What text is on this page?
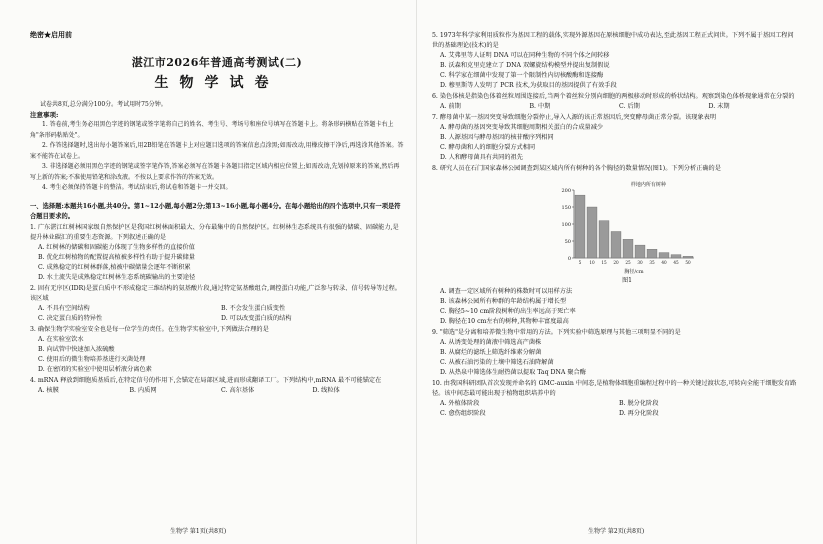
绝密★启用前
湛江市2026年普通高考测试(二)
生物学试卷
试卷共8页,总分满分100分。考试用时75分钟。
注意事项:
1. 答卷前,考生务必用黑色字迹的钢笔或签字笔将自己的姓名、考生号、考场号和座位号填写在答题卡上。将条形码横贴在答题卡右上角"条形码粘贴处"。
2. 作答选择题时,选出每小题答案后,用2B铅笔在答题卡上对应题目选项的答案信息点涂黑;如需改动,用橡皮擦干净后,再选涂其他答案。答案不能答在试卷上。
3. 非选择题必须用黑色字迹的钢笔或签字笔作答,答案必须写在答题卡各题目指定区域内相应位置上;如需改动,先划掉原来的答案,然后再写上新的答案;不准使用铅笔和涂改液。不按以上要求作答的答案无效。
4. 考生必须保持答题卡的整洁。考试结束后,将试卷和答题卡一并交回。
一、选择题:本题共16小题,共40分。第1~12小题,每小题2分;第13~16小题,每小题4分。在每小题给出的四个选项中,只有一项是符合题目要求的。
1. 广东湛江红树林国家级自然保护区是我国红树林面积最大、分布最集中的自然保护区。红树林生态系统具有很强的储碳、固碳能力,是提升林业碳汇的重要生态资源。下列叙述正确的是
A. 红树林的储碳和固碳能力体现了生物多样性的直接价值
B. 优化红树植物的配置提高植被多样性有助于提升碳储量
C. 成熟稳定的红树林群落,植被中碳储量会逐年不断积累
D. 水土流失是成熟稳定红树林生态系统碳输出的主要途径
2. 固有无序区(IDR)是蛋白质中不形成稳定三维结构的氨基酸片段,通过特定氨基酸组合,调控蛋白功能,广泛参与转录、信号转导等过程。该区域
A. 不具有空间结构	B. 不会发生蛋白质变性
C. 决定蛋白质的特异性	D. 可以改变蛋白质的结构
3. 确保生物学实验室安全也是每一位学生的责任。在生物学实验室中,下列做法合理的是
A. 在实验室饮水
B. 向试管中快速加入浓硫酸
C. 使用后的微生物培养基进行灭菌处理
D. 在密闭的实验室中使用层析液分离色素
4. mRNA 释放到细胞质基质后,在特定信号的作用下,会锚定在局部区域,进而形成翻译工厂。下列结构中,mRNA 最不可能锚定在
A. 核膜	B. 内质网	C. 高尔基体	D. 线粒体
5. 1973年科学家利用质粒作为基因工程的载体,实现外源基因在原核细胞中成功表达,至此基因工程正式问世。下列不属于基因工程问世的基础理论(技术)的是
A. 艾弗里等人证明 DNA 可以在同种生物的不同个体之间转移
B. 沃森和克里克建立了 DNA 双螺旋结构模型并提出复制假说
C. 科学家在细菌中发现了第一个限制性内切核酸酶和连接酶
D. 穆里斯等人发明了 PCR 技术,为获取目的基因提供了有效手段
6. 染色体核是指染色体着丝粒周围连接后,当两个着丝粒分别向细胞的两极移动时形成的桥状结构。观察到染色体桥现象通常在分裂的
A. 前期	B. 中期	C. 后期	D. 末期
7. 酵母菌中某一基因突变导致细胞分裂停止,导入人源的该正常基因后,突变酵母菌正常分裂。该现象表明
A. 酵母菌的基因突变导致其细胞周期相关蛋白的合成量减少
B. 人源基因与酵母基因的核苷酸序列相同
C. 酵母菌和人的细胞分裂方式相同
D. 人和酵母菌具有共同的祖先
8. 研究人员在石门国家森林公园调查到某区域内所有树种的各个胸径的数量情况(图1)。下列分析正确的是
0
50
100
150
200
5 10 15 20 25 30 35 40 45 50
样地内所有树种
胸径/cm
图1
A. 调查一定区域所有树种的株数时可以用样方法
B. 该森林公园所有种群的年龄结构属于增长型
C. 胸径5~10 cm阶段树种的出生率远高于死亡率
D. 胸径在10 cm左右的树种,其物种丰富度最高
9. "筛选"是分离和培养微生物中常用的方法。下列实验中筛选原理与其他三项明显不同的是
A. 从诱变处理的菌液中筛选高产菌株
B. 从腐烂的滤纸上筛选纤维素分解菌
C. 从被石油污染的土壤中筛选石油降解菌
D. 从热泉中筛选体生耐热菌以提取 Taq DNA 聚合酶
10. 由我国科研团队首次发现并命名的 GMC-auxin 中间态,是植物体细胞重编程过程中的一种关键过渡状态,可转向全能干细胞发育路径。该中间态最可能出现于植物组织培养中的
A. 外植体阶段	B. 脱分化阶段
C. 愈伤组织阶段	D. 再分化阶段
生物学 第1页(共8页)	生物学 第2页(共8页)
